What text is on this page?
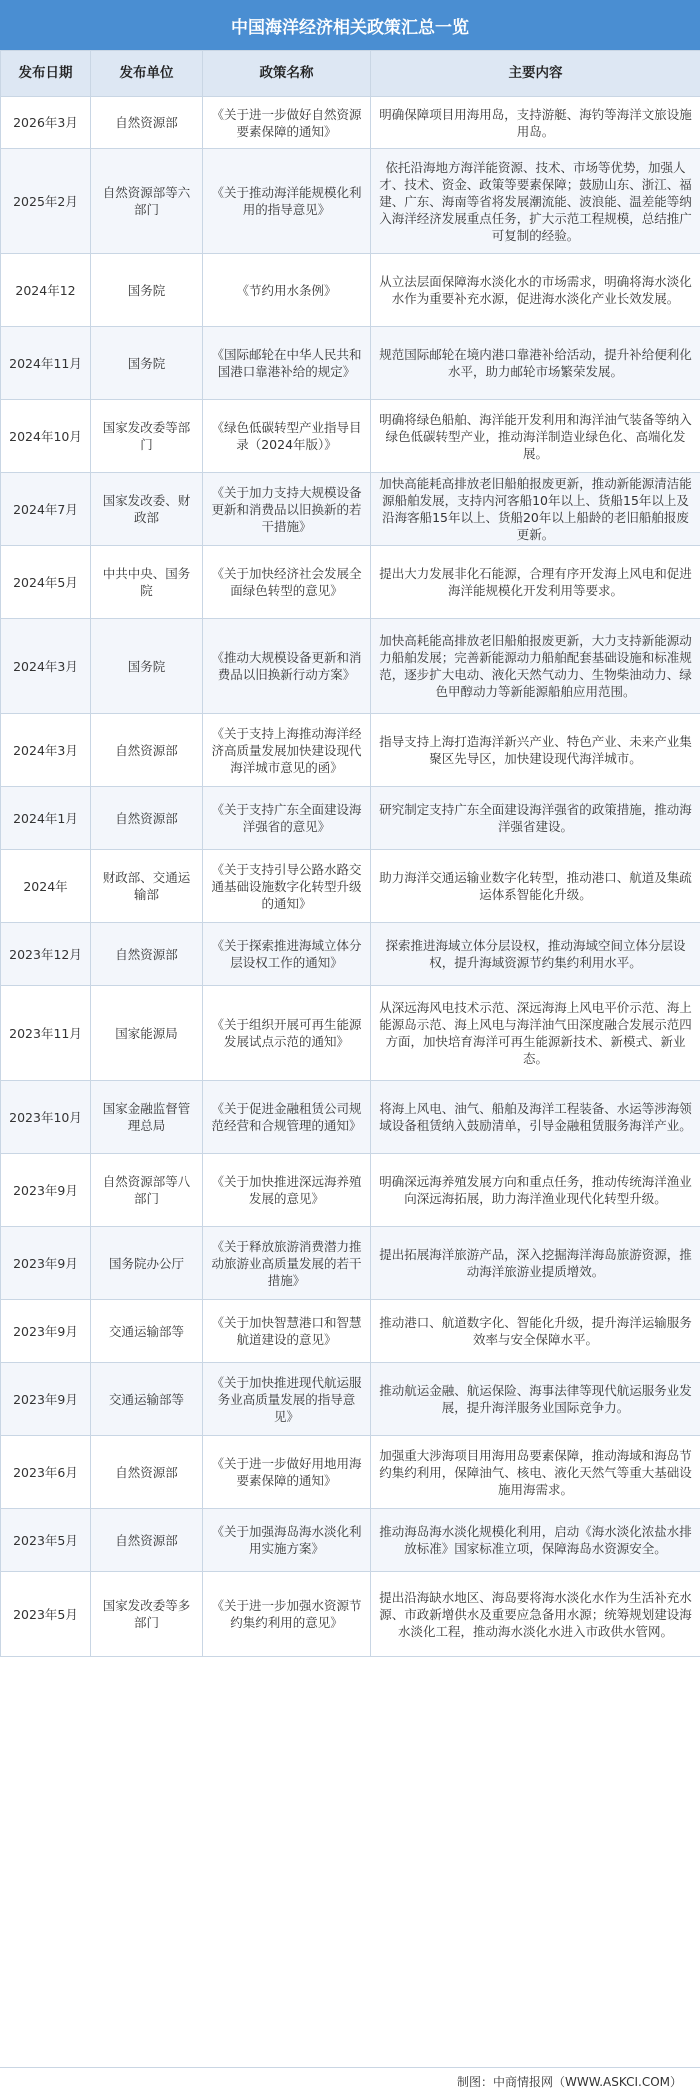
中国海洋经济相关政策汇总一览
发布日期	发布单位	政策名称	主要内容
2026年3月	自然资源部	《关于进一步做好自然资源要素保障的通知》	明确保障项目用海用岛，支持游艇、海钓等海洋文旅设施用岛。
2025年2月	自然资源部等六部门	《关于推动海洋能规模化利用的指导意见》	依托沿海地方海洋能资源、技术、市场等优势，加强人才、技术、资金、政策等要素保障；鼓励山东、浙江、福建、广东、海南等省将发展潮流能、波浪能、温差能等纳入海洋经济发展重点任务，扩大示范工程规模，总结推广可复制的经验。
2024年12	国务院	《节约用水条例》	从立法层面保障海水淡化水的市场需求，明确将海水淡化水作为重要补充水源，促进海水淡化产业长效发展。
2024年11月	国务院	《国际邮轮在中华人民共和国港口靠港补给的规定》	规范国际邮轮在境内港口靠港补给活动，提升补给便利化水平，助力邮轮市场繁荣发展。
2024年10月	国家发改委等部门	《绿色低碳转型产业指导目录（2024年版）》	明确将绿色船舶、海洋能开发利用和海洋油气装备等纳入绿色低碳转型产业，推动海洋制造业绿色化、高端化发展。
2024年7月	国家发改委、财政部	《关于加力支持大规模设备更新和消费品以旧换新的若干措施》	加快高能耗高排放老旧船舶报废更新，推动新能源清洁能源船舶发展，支持内河客船10年以上、货船15年以上及沿海客船15年以上、货船20年以上船龄的老旧船舶报废更新。
2024年5月	中共中央、国务院	《关于加快经济社会发展全面绿色转型的意见》	提出大力发展非化石能源，合理有序开发海上风电和促进海洋能规模化开发利用等要求。
2024年3月	国务院	《推动大规模设备更新和消费品以旧换新行动方案》	加快高耗能高排放老旧船舶报废更新，大力支持新能源动力船舶发展；完善新能源动力船舶配套基础设施和标准规范，逐步扩大电动、液化天然气动力、生物柴油动力、绿色甲醇动力等新能源船舶应用范围。
2024年3月	自然资源部	《关于支持上海推动海洋经济高质量发展加快建设现代海洋城市意见的函》	指导支持上海打造海洋新兴产业、特色产业、未来产业集聚区先导区，加快建设现代海洋城市。
2024年1月	自然资源部	《关于支持广东全面建设海洋强省的意见》	研究制定支持广东全面建设海洋强省的政策措施，推动海洋强省建设。
2024年	财政部、交通运输部	《关于支持引导公路水路交通基础设施数字化转型升级的通知》	助力海洋交通运输业数字化转型，推动港口、航道及集疏运体系智能化升级。
2023年12月	自然资源部	《关于探索推进海域立体分层设权工作的通知》	探索推进海域立体分层设权，推动海域空间立体分层设权，提升海域资源节约集约利用水平。
2023年11月	国家能源局	《关于组织开展可再生能源发展试点示范的通知》	从深远海风电技术示范、深远海海上风电平价示范、海上能源岛示范、海上风电与海洋油气田深度融合发展示范四方面，加快培育海洋可再生能源新技术、新模式、新业态。
2023年10月	国家金融监督管理总局	《关于促进金融租赁公司规范经营和合规管理的通知》	将海上风电、油气、船舶及海洋工程装备、水运等涉海领域设备租赁纳入鼓励清单，引导金融租赁服务海洋产业。
2023年9月	自然资源部等八部门	《关于加快推进深远海养殖发展的意见》	明确深远海养殖发展方向和重点任务，推动传统海洋渔业向深远海拓展，助力海洋渔业现代化转型升级。
2023年9月	国务院办公厅	《关于释放旅游消费潜力推动旅游业高质量发展的若干措施》	提出拓展海洋旅游产品，深入挖掘海洋海岛旅游资源，推动海洋旅游业提质增效。
2023年9月	交通运输部等	《关于加快智慧港口和智慧航道建设的意见》	推动港口、航道数字化、智能化升级，提升海洋运输服务效率与安全保障水平。
2023年9月	交通运输部等	《关于加快推进现代航运服务业高质量发展的指导意见》	推动航运金融、航运保险、海事法律等现代航运服务业发展，提升海洋服务业国际竞争力。
2023年6月	自然资源部	《关于进一步做好用地用海要素保障的通知》	加强重大涉海项目用海用岛要素保障，推动海域和海岛节约集约利用，保障油气、核电、液化天然气等重大基础设施用海需求。
2023年5月	自然资源部	《关于加强海岛海水淡化利用实施方案》	推动海岛海水淡化规模化利用，启动《海水淡化浓盐水排放标准》国家标准立项，保障海岛水资源安全。
2023年5月	国家发改委等多部门	《关于进一步加强水资源节约集约利用的意见》	提出沿海缺水地区、海岛要将海水淡化水作为生活补充水源、市政新增供水及重要应急备用水源；统筹规划建设海水淡化工程，推动海水淡化水进入市政供水管网。
制图：中商情报网（WWW.ASKCI.COM）
